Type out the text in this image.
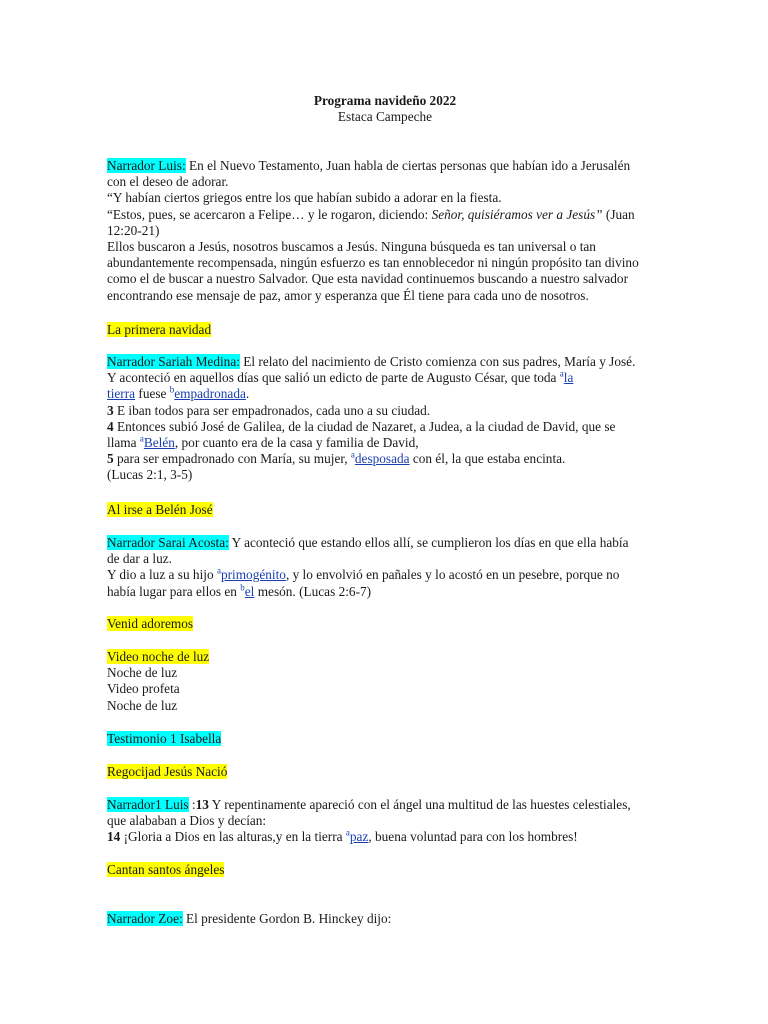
Programa navideño 2022
Estaca Campeche
Narrador Luis: En el Nuevo Testamento, Juan habla de ciertas personas que habían ido a Jerusalén
con el deseo de adorar.
“Y habían ciertos griegos entre los que habían subido a adorar en la fiesta.
“Estos, pues, se acercaron a Felipe… y le rogaron, diciendo: Señor, quisiéramos ver a Jesús” (Juan
12:20-21)
Ellos buscaron a Jesús, nosotros buscamos a Jesús. Ninguna búsqueda es tan universal o tan
abundantemente recompensada, ningún esfuerzo es tan ennoblecedor ni ningún propósito tan divino
como el de buscar a nuestro Salvador. Que esta navidad continuemos buscando a nuestro salvador
encontrando ese mensaje de paz, amor y esperanza que Él tiene para cada uno de nosotros.
La primera navidad
Narrador Sariah Medina: El relato del nacimiento de Cristo comienza con sus padres, María y José.
Y aconteció en aquellos días que salió un edicto de parte de Augusto César, que toda $^a$la
tierra fuese $^b$empadronada.
3 E iban todos para ser empadronados, cada uno a su ciudad.
4 Entonces subió José de Galilea, de la ciudad de Nazaret, a Judea, a la ciudad de David, que se
llama $^a$Belén, por cuanto era de la casa y familia de David,
5 para ser empadronado con María, su mujer, $^a$desposada con él, la que estaba encinta.
(Lucas 2:1, 3-5)
Al irse a Belén José
Narrador Sarai Acosta: Y aconteció que estando ellos allí, se cumplieron los días en que ella había
de dar a luz.
Y dio a luz a su hijo $^a$primogénito, y lo envolvió en pañales y lo acostó en un pesebre, porque no
había lugar para ellos en $^b$el mesón. (Lucas 2:6-7)
Venid adoremos
Video noche de luz
Noche de luz
Video profeta
Noche de luz
Testimonio 1 Isabella
Regocijad Jesús Nació
Narrador1 Luis :13 Y repentinamente apareció con el ángel una multitud de las huestes celestiales,
que alababan a Dios y decían:
14 ¡Gloria a Dios en las alturas,y en la tierra $^a$paz, buena voluntad para con los hombres!
Cantan santos ángeles
Narrador Zoe: El presidente Gordon B. Hinckey dijo:
